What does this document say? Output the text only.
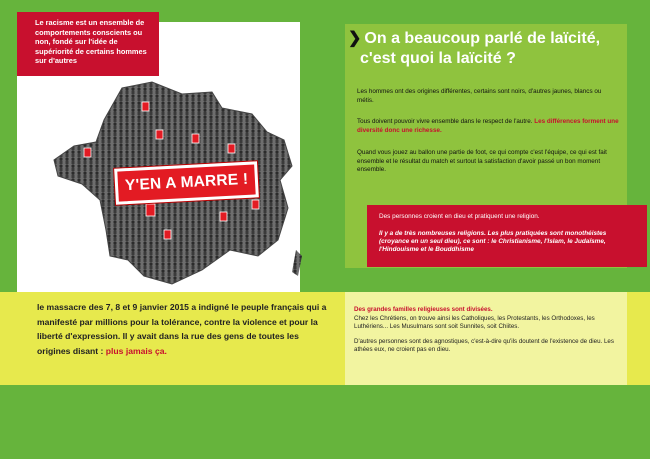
Y'EN A MARRE !
Le racisme est un ensemble de comportements conscients ou non, fondé sur l'idée de supériorité de certains hommes sur d'autres
❯ On a beaucoup parlé de laïcité,
c'est quoi la laïcité ?
Les hommes ont des origines différentes, certains sont noirs, d'autres jaunes, blancs ou métis.
Tous doivent pouvoir vivre ensemble dans le respect de l'autre. Les différences forment une diversité donc une richesse.
Quand vous jouez au ballon une partie de foot, ce qui compte c'est l'équipe, ce qui est fait ensemble et le résultat du match et surtout la satisfaction d'avoir passé un bon moment ensemble.
Des personnes croient en dieu et pratiquent une religion.
Il y a de très nombreuses religions. Les plus pratiquées sont monothéistes (croyance en un seul dieu), ce sont : le Christianisme, l'Islam, le Judaïsme, l'Hindouisme et le Bouddhisme
le massacre des 7, 8 et 9 janvier 2015 a indigné le peuple français qui a manifesté par millions pour la tolérance, contre la violence et pour la liberté d'expression. Il y avait dans la rue des gens de toutes les origines disant : plus jamais ça.
Des grandes familles religieuses sont divisées.
Chez les Chrétiens, on trouve ainsi les Catholiques, les Protestants, les Orthodoxes, les Luthériens... Les Musulmans sont soit Sunnites, soit Chiites.
D'autres personnes sont des agnostiques, c'est-à-dire qu'ils doutent de l'existence de dieu. Les athées eux, ne croient pas en dieu.
